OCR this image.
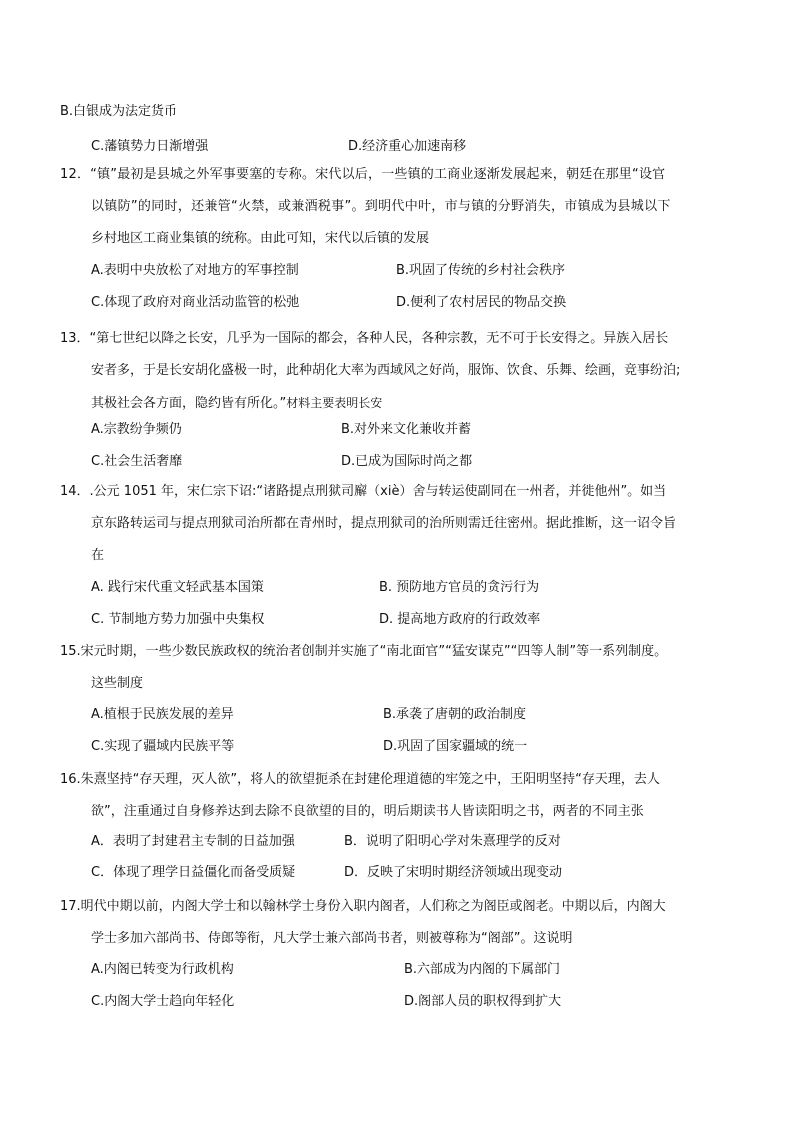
B.白银成为法定货币
C.藩镇势力日渐增强	D.经济重心加速南移
12．“镇”最初是县城之外军事要塞的专称。宋代以后，一些镇的工商业逐渐发展起来，朝廷在那里“设官
以镇防”的同时，还兼管“火禁，或兼酒税事”。到明代中叶，市与镇的分野消失，市镇成为县城以下
乡村地区工商业集镇的统称。由此可知，宋代以后镇的发展
A.表明中央放松了对地方的军事控制	B.巩固了传统的乡村社会秩序
C.体现了政府对商业活动监管的松弛	D.便利了农村居民的物品交换
13．“第七世纪以降之长安，几乎为一国际的都会，各种人民，各种宗教，无不可于长安得之。异族入居长
安者多，于是长安胡化盛极一时，此种胡化大率为西域风之好尚，服饰、饮食、乐舞、绘画，竞事纷泊;
其极社会各方面，隐约皆有所化。”材料主要表明长安
A.宗教纷争频仍	B.对外来文化兼收并蓄
C.社会生活奢靡	D.已成为国际时尚之都
14．.公元 1051 年，宋仁宗下诏:“诸路提点刑狱司廨（xiè）舍与转运使副同在一州者，并徙他州”。如当
京东路转运司与提点刑狱司治所都在青州时，提点刑狱司的治所则需迁往密州。据此推断，这一诏令旨
在
A. 践行宋代重文轻武基本国策	B. 预防地方官员的贪污行为
C. 节制地方势力加强中央集权	D. 提高地方政府的行政效率
15.宋元时期，一些少数民族政权的统治者创制并实施了“南北面官”“猛安谋克”“四等人制”等一系列制度。
这些制度
A.植根于民族发展的差异	B.承袭了唐朝的政治制度
C.实现了疆域内民族平等	D.巩固了国家疆域的统一
16.朱熹坚持“存天理，灭人欲”，将人的欲望扼杀在封建伦理道德的牢笼之中，王阳明坚持“存天理，去人
欲”，注重通过自身修养达到去除不良欲望的目的，明后期读书人皆读阳明之书，两者的不同主张
A．表明了封建君主专制的日益加强	B．说明了阳明心学对朱熹理学的反对
C．体现了理学日益僵化而备受质疑	D．反映了宋明时期经济领域出现变动
17.明代中期以前，内阁大学士和以翰林学士身份入职内阁者，人们称之为阁臣或阁老。中期以后，内阁大
学士多加六部尚书、侍郎等衔，凡大学士兼六部尚书者，则被尊称为“阁部”。这说明
A.内阁已转变为行政机构	B.六部成为内阁的下属部门
C.内阁大学士趋向年轻化	D.阁部人员的职权得到扩大
